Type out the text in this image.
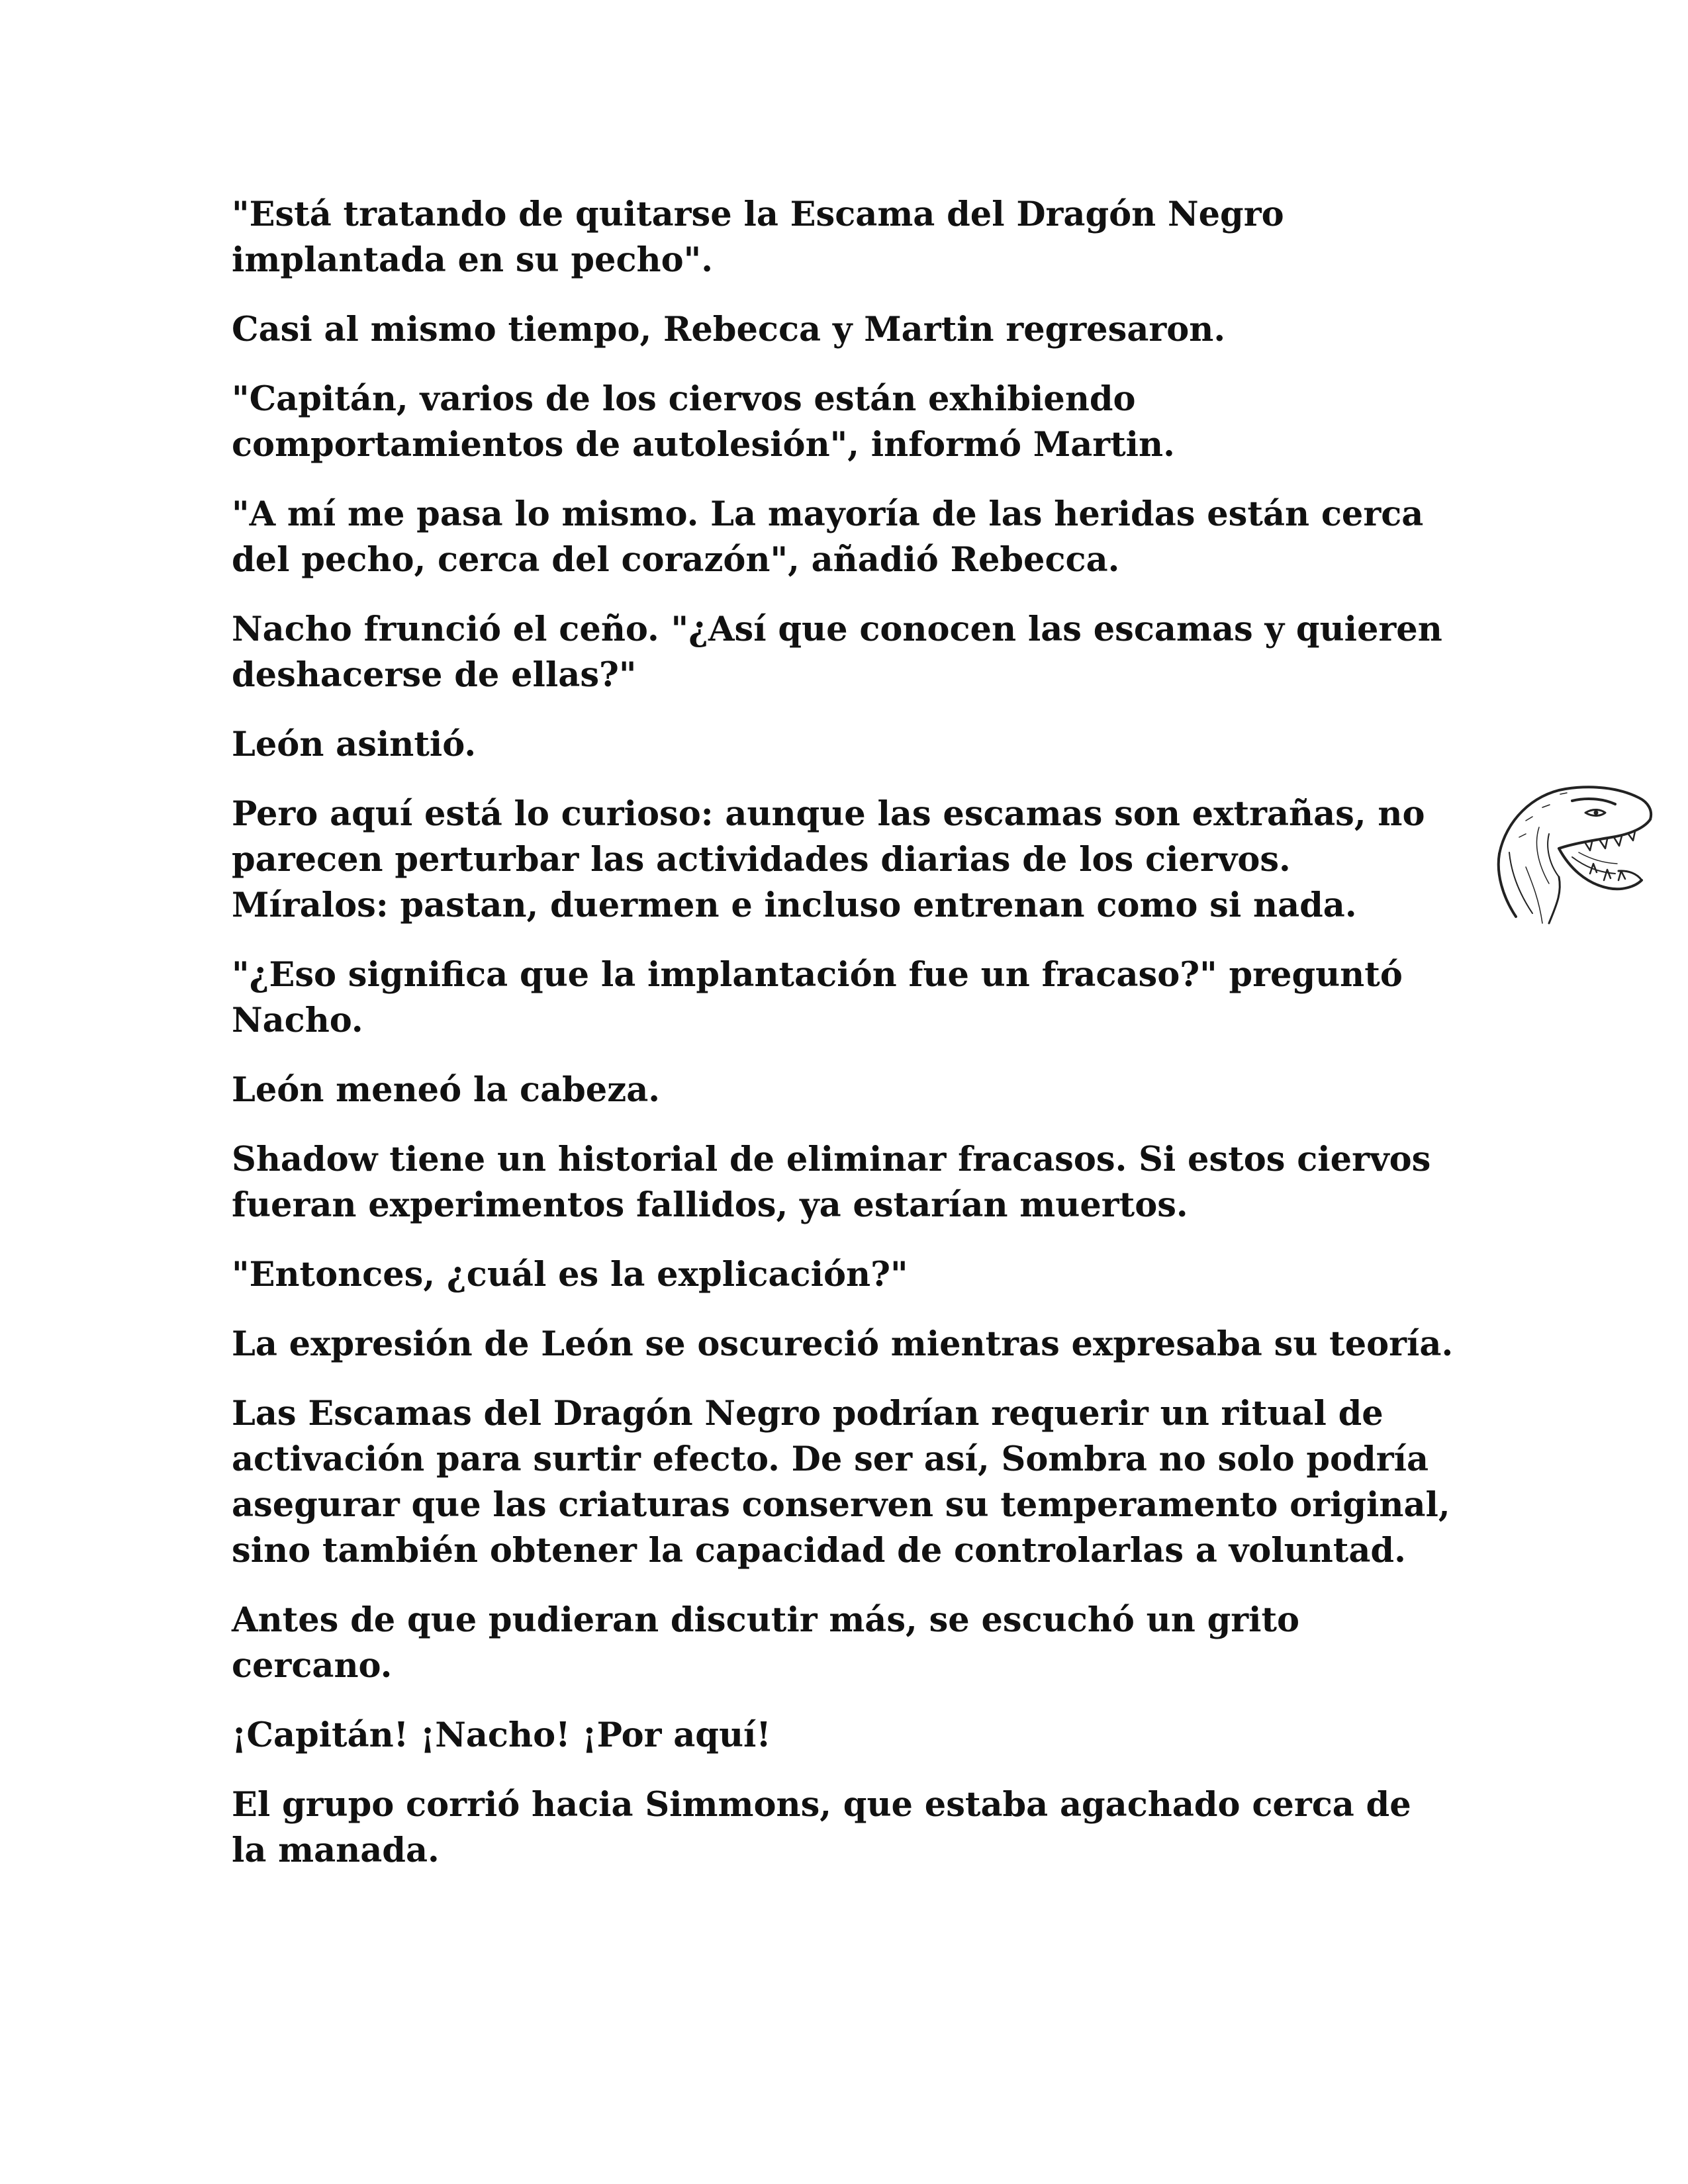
"Está tratando de quitarse la Escama del Dragón Negro implantada en su pecho".

Casi al mismo tiempo, Rebecca y Martin regresaron.

"Capitán, varios de los ciervos están exhibiendo comportamientos de autolesión", informó Martin.

"A mí me pasa lo mismo. La mayoría de las heridas están cerca del pecho, cerca del corazón", añadió Rebecca.

Nacho frunció el ceño. "¿Así que conocen las escamas y quieren deshacerse de ellas?"

León asintió.

Pero aquí está lo curioso: aunque las escamas son extrañas, no parecen perturbar las actividades diarias de los ciervos. Míralos: pastan, duermen e incluso entrenan como si nada.

"¿Eso significa que la implantación fue un fracaso?" preguntó Nacho.

León meneó la cabeza.

Shadow tiene un historial de eliminar fracasos. Si estos ciervos fueran experimentos fallidos, ya estarían muertos.

"Entonces, ¿cuál es la explicación?"

La expresión de León se oscureció mientras expresaba su teoría.

Las Escamas del Dragón Negro podrían requerir un ritual de activación para surtir efecto. De ser así, Sombra no solo podría asegurar que las criaturas conserven su temperamento original, sino también obtener la capacidad de controlarlas a voluntad.

Antes de que pudieran discutir más, se escuchó un grito cercano.

¡Capitán! ¡Nacho! ¡Por aquí!

El grupo corrió hacia Simmons, que estaba agachado cerca de la manada.
